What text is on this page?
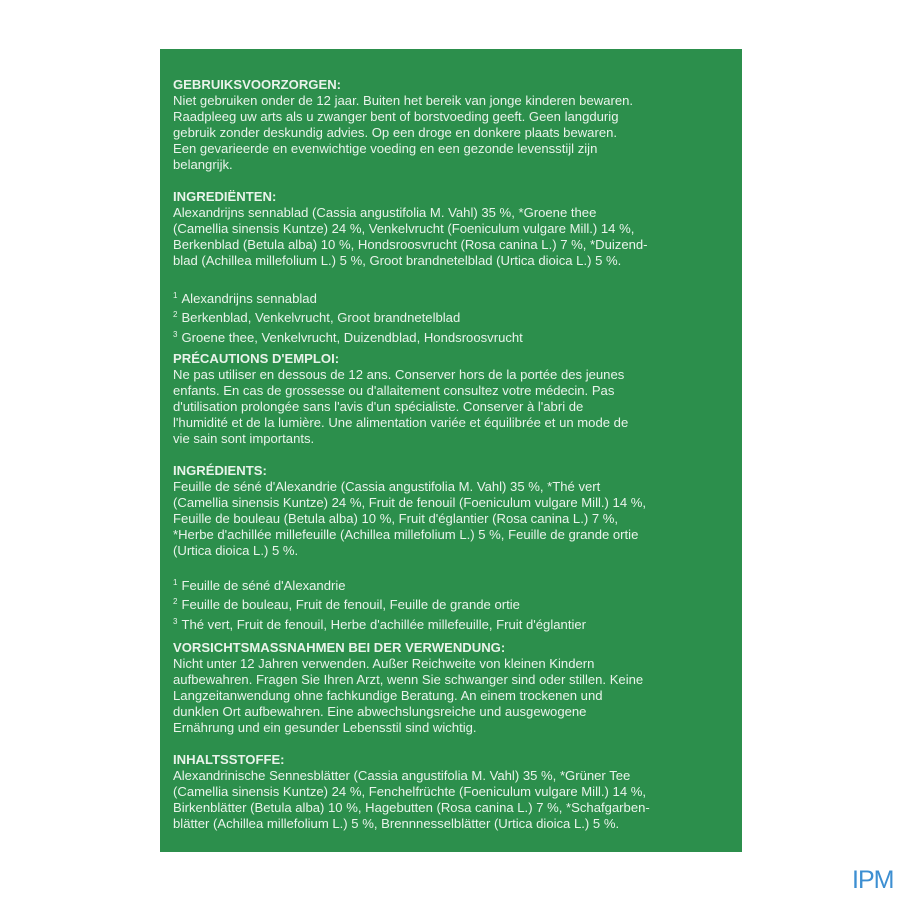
GEBRUIKSVOORZORGEN:

Niet gebruiken onder de 12 jaar. Buiten het bereik van jonge kinderen bewaren.
Raadpleeg uw arts als u zwanger bent of borstvoeding geeft. Geen langdurig
gebruik zonder deskundig advies. Op een droge en donkere plaats bewaren.
Een gevarieerde en evenwichtige voeding en een gezonde levensstijl zijn
belangrijk.

INGREDIËNTEN:

Alexandrijns sennablad (Cassia angustifolia M. Vahl) 35 %, *Groene thee
(Camellia sinensis Kuntze) 24 %, Venkelvrucht (Foeniculum vulgare Mill.) 14 %,
Berkenblad (Betula alba) 10 %, Hondsroosvrucht (Rosa canina L.) 7 %, *Duizend-
blad (Achillea millefolium L.) 5 %, Groot brandnetelblad (Urtica dioica L.) 5 %.

$^1$ Alexandrijns sennablad

$^2$ Berkenblad, Venkelvrucht, Groot brandnetelblad

$^3$ Groene thee, Venkelvrucht, Duizendblad, Hondsroosvrucht

PRÉCAUTIONS D'EMPLOI:

Ne pas utiliser en dessous de 12 ans. Conserver hors de la portée des jeunes
enfants. En cas de grossesse ou d'allaitement consultez votre médecin. Pas
d'utilisation prolongée sans l'avis d'un spécialiste. Conserver à l'abri de
l'humidité et de la lumière. Une alimentation variée et équilibrée et un mode de
vie sain sont importants.

INGRÉDIENTS:

Feuille de séné d'Alexandrie (Cassia angustifolia M. Vahl) 35 %, *Thé vert
(Camellia sinensis Kuntze) 24 %, Fruit de fenouil (Foeniculum vulgare Mill.) 14 %,
Feuille de bouleau (Betula alba) 10 %, Fruit d'églantier (Rosa canina L.) 7 %,
*Herbe d'achillée millefeuille (Achillea millefolium L.) 5 %, Feuille de grande ortie
(Urtica dioica L.) 5 %.

$^1$ Feuille de séné d'Alexandrie

$^2$ Feuille de bouleau, Fruit de fenouil, Feuille de grande ortie

$^3$ Thé vert, Fruit de fenouil, Herbe d'achillée millefeuille, Fruit d'églantier

VORSICHTSMASSNAHMEN BEI DER VERWENDUNG:

Nicht unter 12 Jahren verwenden. Außer Reichweite von kleinen Kindern
aufbewahren. Fragen Sie Ihren Arzt, wenn Sie schwanger sind oder stillen. Keine
Langzeitanwendung ohne fachkundige Beratung. An einem trockenen und
dunklen Ort aufbewahren. Eine abwechslungsreiche und ausgewogene
Ernährung und ein gesunder Lebensstil sind wichtig.

INHALTSSTOFFE:

Alexandrinische Sennesblätter (Cassia angustifolia M. Vahl) 35 %, *Grüner Tee
(Camellia sinensis Kuntze) 24 %, Fenchelfrüchte (Foeniculum vulgare Mill.) 14 %,
Birkenblätter (Betula alba) 10 %, Hagebutten (Rosa canina L.) 7 %, *Schafgarben-
blätter (Achillea millefolium L.) 5 %, Brennnesselblätter (Urtica dioica L.) 5 %.

IPM
